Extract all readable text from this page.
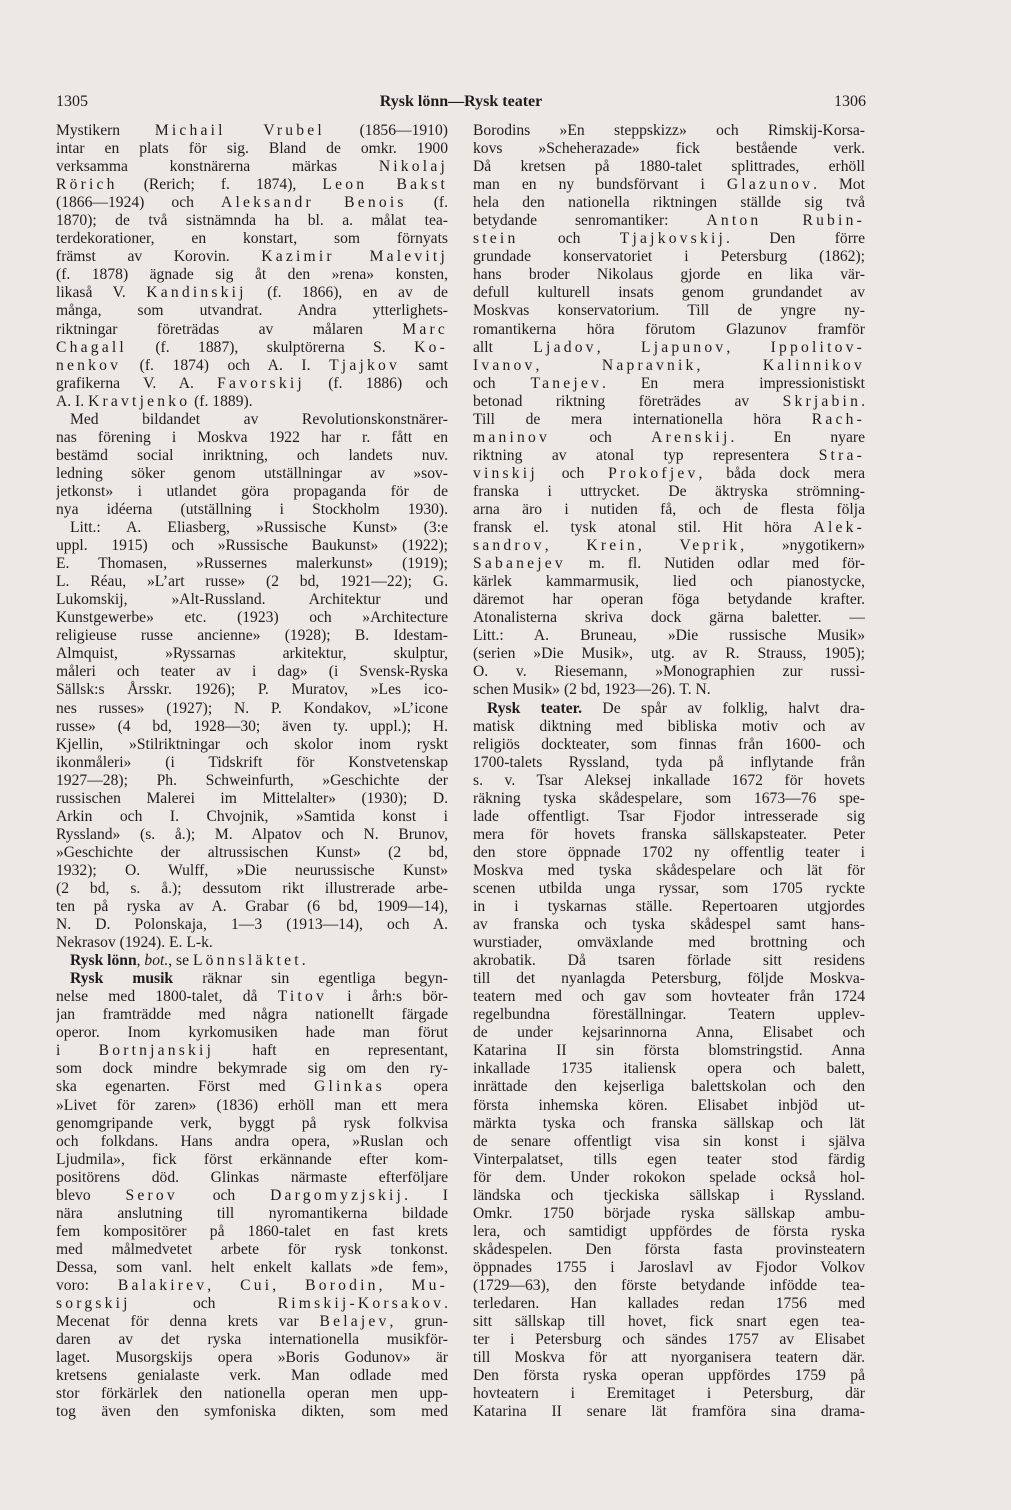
1305	Rysk lönn—Rysk teater	1306
Mystikern Michail Vrubel (1856—1910)
intar en plats för sig. Bland de omkr. 1900
verksamma konstnärerna märkas Nikolaj
Rörich (Rerich; f. 1874), Leon Bakst
(1866—1924) och Aleksandr Benois (f.
1870); de två sistnämnda ha bl. a. målat tea-
terdekorationer, en konstart, som förnyats
främst av Korovin. Kazimir Malevitj
(f. 1878) ägnade sig åt den »rena» konsten,
likaså V. Kandinskij (f. 1866), en av de
många, som utvandrat. Andra ytterlighets-
riktningar företrädas av målaren Marc
Chagall (f. 1887), skulptörerna S. Ko-
nenkov (f. 1874) och A. I. Tjajkov samt
grafikerna V. A. Favorskij (f. 1886) och
A. I. Kravtjenko (f. 1889).
Med bildandet av Revolutionskonstnärer-
nas förening i Moskva 1922 har r. fått en
bestämd social inriktning, och landets nuv.
ledning söker genom utställningar av »sov-
jetkonst» i utlandet göra propaganda för de
nya idéerna (utställning i Stockholm 1930).
Litt.: A. Eliasberg, »Russische Kunst» (3:e
uppl. 1915) och »Russische Baukunst» (1922);
E. Thomasen, »Russernes malerkunst» (1919);
L. Réau, »L’art russe» (2 bd, 1921—22); G.
Lukomskij, »Alt-Russland. Architektur und
Kunstgewerbe» etc. (1923) och »Architecture
religieuse russe ancienne» (1928); B. Idestam-
Almquist, »Ryssarnas arkitektur, skulptur,
måleri och teater av i dag» (i Svensk-Ryska
Sällsk:s Årsskr. 1926); P. Muratov, »Les ico-
nes russes» (1927); N. P. Kondakov, »L’icone
russe» (4 bd, 1928—30; även ty. uppl.); H.
Kjellin, »Stilriktningar och skolor inom ryskt
ikonmåleri» (i Tidskrift för Konstvetenskap
1927—28); Ph. Schweinfurth, »Geschichte der
russischen Malerei im Mittelalter» (1930); D.
Arkin och I. Chvojnik, »Samtida konst i
Ryssland» (s. å.); M. Alpatov och N. Brunov,
»Geschichte der altrussischen Kunst» (2 bd,
1932); O. Wulff, »Die neurussische Kunst»
(2 bd, s. å.); dessutom rikt illustrerade arbe-
ten på ryska av A. Grabar (6 bd, 1909—14),
N. D. Polonskaja, 1—3 (1913—14), och A.
Nekrasov (1924). E. L-k.
Rysk lönn, bot., se Lönnsläktet.
Rysk musik räknar sin egentliga begyn-
nelse med 1800-talet, då Titov i årh:s bör-
jan framträdde med några nationellt färgade
operor. Inom kyrkomusiken hade man förut
i Bortnjanskij haft en representant,
som dock mindre bekymrade sig om den ry-
ska egenarten. Först med Glinkas opera
»Livet för zaren» (1836) erhöll man ett mera
genomgripande verk, byggt på rysk folkvisa
och folkdans. Hans andra opera, »Ruslan och
Ljudmila», fick först erkännande efter kom-
positörens död. Glinkas närmaste efterföljare
blevo Serov och Dargomyzjskij. I
nära anslutning till nyromantikerna bildade
fem kompositörer på 1860-talet en fast krets
med målmedvetet arbete för rysk tonkonst.
Dessa, som vanl. helt enkelt kallats »de fem»,
voro: Balakirev, Cui, Borodin, Mu-
sorgskij och Rimskij-Korsakov.
Mecenat för denna krets var Belajev, grun-
daren av det ryska internationella musikför-
laget. Musorgskijs opera »Boris Godunov» är
kretsens genialaste verk. Man odlade med
stor förkärlek den nationella operan men upp-
tog även den symfoniska dikten, som med
Borodins »En steppskizz» och Rimskij-Korsa-
kovs »Scheherazade» fick bestående verk.
Då kretsen på 1880-talet splittrades, erhöll
man en ny bundsförvant i Glazunov. Mot
hela den nationella riktningen ställde sig två
betydande senromantiker: Anton Rubin-
stein och Tjajkovskij. Den förre
grundade konservatoriet i Petersburg (1862);
hans broder Nikolaus gjorde en lika vär-
defull kulturell insats genom grundandet av
Moskvas konservatorium. Till de yngre ny-
romantikerna höra förutom Glazunov framför
allt Ljadov, Ljapunov, Ippolitov-
Ivanov, Napravnik, Kalinnikov
och Tanejev. En mera impressionistiskt
betonad riktning företrädes av Skrjabin.
Till de mera internationella höra Rach-
maninov och Arenskij. En nyare
riktning av atonal typ representera Stra-
vinskij och Prokofjev, båda dock mera
franska i uttrycket. De äktryska strömning-
arna äro i nutiden få, och de flesta följa
fransk el. tysk atonal stil. Hit höra Alek-
sandrov, Krein, Veprik, »nygotikern»
Sabanejev m. fl. Nutiden odlar med för-
kärlek kammarmusik, lied och pianostycke,
däremot har operan föga betydande krafter.
Atonalisterna skriva dock gärna baletter. —
Litt.: A. Bruneau, »Die russische Musik»
(serien »Die Musik», utg. av R. Strauss, 1905);
O. v. Riesemann, »Monographien zur russi-
schen Musik» (2 bd, 1923—26). T. N.
Rysk teater. De spår av folklig, halvt dra-
matisk diktning med bibliska motiv och av
religiös dockteater, som finnas från 1600- och
1700-talets Ryssland, tyda på inflytande från
s. v. Tsar Aleksej inkallade 1672 för hovets
räkning tyska skådespelare, som 1673—76 spe-
lade offentligt. Tsar Fjodor intresserade sig
mera för hovets franska sällskapsteater. Peter
den store öppnade 1702 ny offentlig teater i
Moskva med tyska skådespelare och lät för
scenen utbilda unga ryssar, som 1705 ryckte
in i tyskarnas ställe. Repertoaren utgjordes
av franska och tyska skådespel samt hans-
wurstiader, omväxlande med brottning och
akrobatik. Då tsaren förlade sitt residens
till det nyanlagda Petersburg, följde Moskva-
teatern med och gav som hovteater från 1724
regelbundna föreställningar. Teatern upplev-
de under kejsarinnorna Anna, Elisabet och
Katarina II sin första blomstringstid. Anna
inkallade 1735 italiensk opera och balett,
inrättade den kejserliga balettskolan och den
första inhemska kören. Elisabet inbjöd ut-
märkta tyska och franska sällskap och lät
de senare offentligt visa sin konst i själva
Vinterpalatset, tills egen teater stod färdig
för dem. Under rokokon spelade också hol-
ländska och tjeckiska sällskap i Ryssland.
Omkr. 1750 började ryska sällskap ambu-
lera, och samtidigt uppfördes de första ryska
skådespelen. Den första fasta provinsteatern
öppnades 1755 i Jaroslavl av Fjodor Volkov
(1729—63), den förste betydande infödde tea-
terledaren. Han kallades redan 1756 med
sitt sällskap till hovet, fick snart egen tea-
ter i Petersburg och sändes 1757 av Elisabet
till Moskva för att nyorganisera teatern där.
Den första ryska operan uppfördes 1759 på
hovteatern i Eremitaget i Petersburg, där
Katarina II senare lät framföra sina drama-
